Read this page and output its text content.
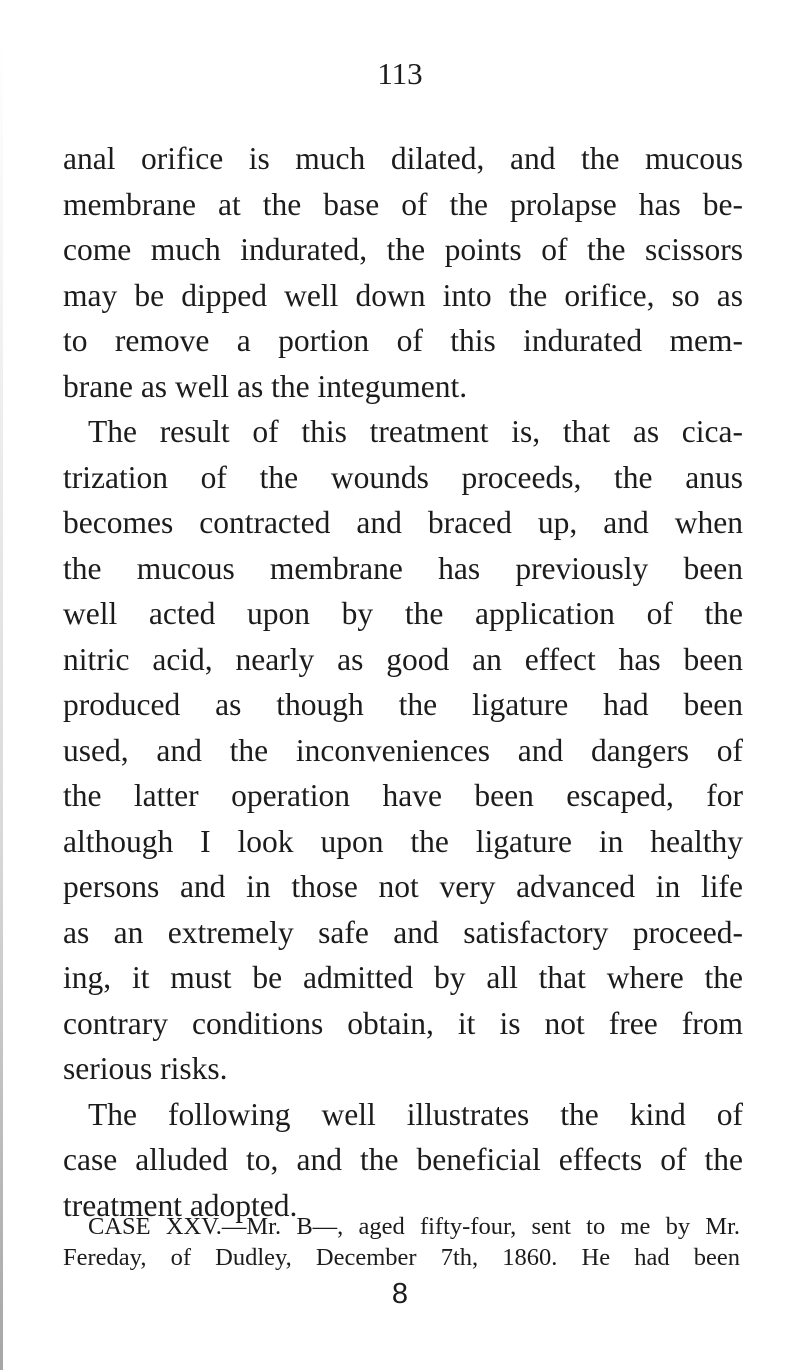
113
anal orifice is much dilated, and the mucous
membrane at the base of the prolapse has be-
come much indurated, the points of the scissors
may be dipped well down into the orifice, so as
to remove a portion of this indurated mem-
brane as well as the integument.
The result of this treatment is, that as cica-
trization of the wounds proceeds, the anus
becomes contracted and braced up, and when
the mucous membrane has previously been
well acted upon by the application of the
nitric acid, nearly as good an effect has been
produced as though the ligature had been
used, and the inconveniences and dangers of
the latter operation have been escaped, for
although I look upon the ligature in healthy
persons and in those not very advanced in life
as an extremely safe and satisfactory proceed-
ing, it must be admitted by all that where the
contrary conditions obtain, it is not free from
serious risks.
The following well illustrates the kind of
case alluded to, and the beneficial effects of the
treatment adopted.
CASE XXV.—Mr. B—, aged fifty-four, sent to me by Mr.
Fereday, of Dudley, December 7th, 1860. He had been
8
